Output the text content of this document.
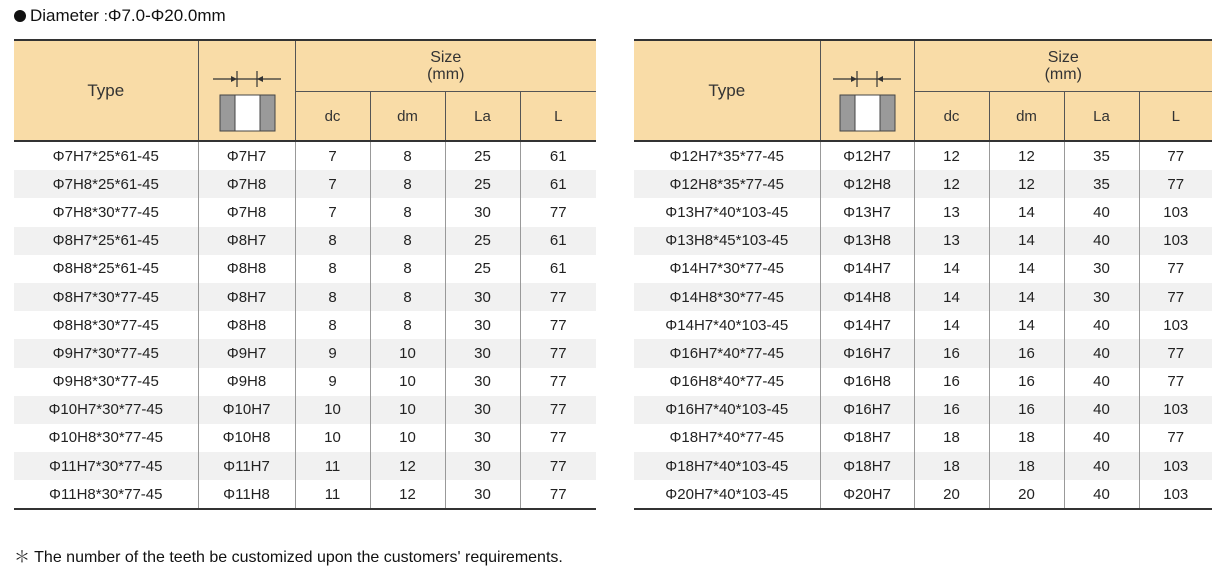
Diameter :Φ7.0-Φ20.0mm
Type		Size
(mm)			

		dc	dm	La	L
Φ7H7*25*61-45	Φ7H7	7	8	25	61
Φ7H8*25*61-45	Φ7H8	7	8	25	61
Φ7H8*30*77-45	Φ7H8	7	8	30	77
Φ8H7*25*61-45	Φ8H7	8	8	25	61
Φ8H8*25*61-45	Φ8H8	8	8	25	61
Φ8H7*30*77-45	Φ8H7	8	8	30	77
Φ8H8*30*77-45	Φ8H8	8	8	30	77
Φ9H7*30*77-45	Φ9H7	9	10	30	77
Φ9H8*30*77-45	Φ9H8	9	10	30	77
Φ10H7*30*77-45	Φ10H7	10	10	30	77
Φ10H8*30*77-45	Φ10H8	10	10	30	77
Φ11H7*30*77-45	Φ11H7	11	12	30	77
Φ11H8*30*77-45	Φ11H8	11	12	30	77
Type		Size
(mm)			

		dc	dm	La	L
Φ12H7*35*77-45	Φ12H7	12	12	35	77
Φ12H8*35*77-45	Φ12H8	12	12	35	77
Φ13H7*40*103-45	Φ13H7	13	14	40	103
Φ13H8*45*103-45	Φ13H8	13	14	40	103
Φ14H7*30*77-45	Φ14H7	14	14	30	77
Φ14H8*30*77-45	Φ14H8	14	14	30	77
Φ14H7*40*103-45	Φ14H7	14	14	40	103
Φ16H7*40*77-45	Φ16H7	16	16	40	77
Φ16H8*40*77-45	Φ16H8	16	16	40	77
Φ16H7*40*103-45	Φ16H7	16	16	40	103
Φ18H7*40*77-45	Φ18H7	18	18	40	77
Φ18H7*40*103-45	Φ18H7	18	18	40	103
Φ20H7*40*103-45	Φ20H7	20	20	40	103
＊ The number of the teeth be customized upon the customers' requirements.
